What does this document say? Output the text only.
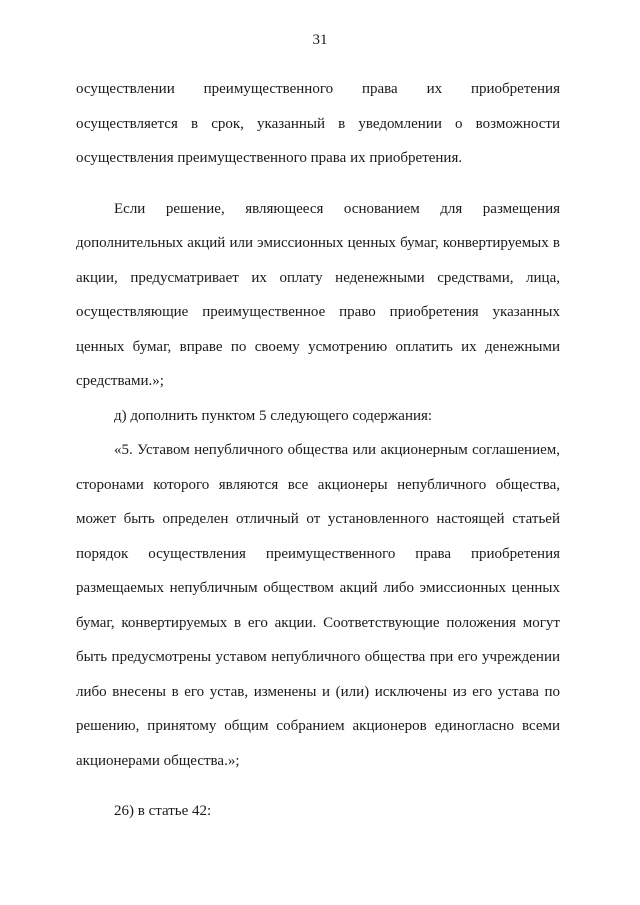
31

осуществлении преимущественного права их приобретения осуществляется в срок, указанный в уведомлении о возможности осуществления преимущественного права их приобретения.

Если решение, являющееся основанием для размещения дополнительных акций или эмиссионных ценных бумаг, конвертируемых в акции, предусматривает их оплату неденежными средствами, лица, осуществляющие преимущественное право приобретения указанных ценных бумаг, вправе по своему усмотрению оплатить их денежными средствами.»;

д) дополнить пунктом 5 следующего содержания:

«5. Уставом непубличного общества или акционерным соглашением, сторонами которого являются все акционеры непубличного общества, может быть определен отличный от установленного настоящей статьей порядок осуществления преимущественного права приобретения размещаемых непубличным обществом акций либо эмиссионных ценных бумаг, конвертируемых в его акции. Соответствующие положения могут быть предусмотрены уставом непубличного общества при его учреждении либо внесены в его устав, изменены и (или) исключены из его устава по решению, принятому общим собранием акционеров единогласно всеми акционерами общества.»;

26) в статье 42:
